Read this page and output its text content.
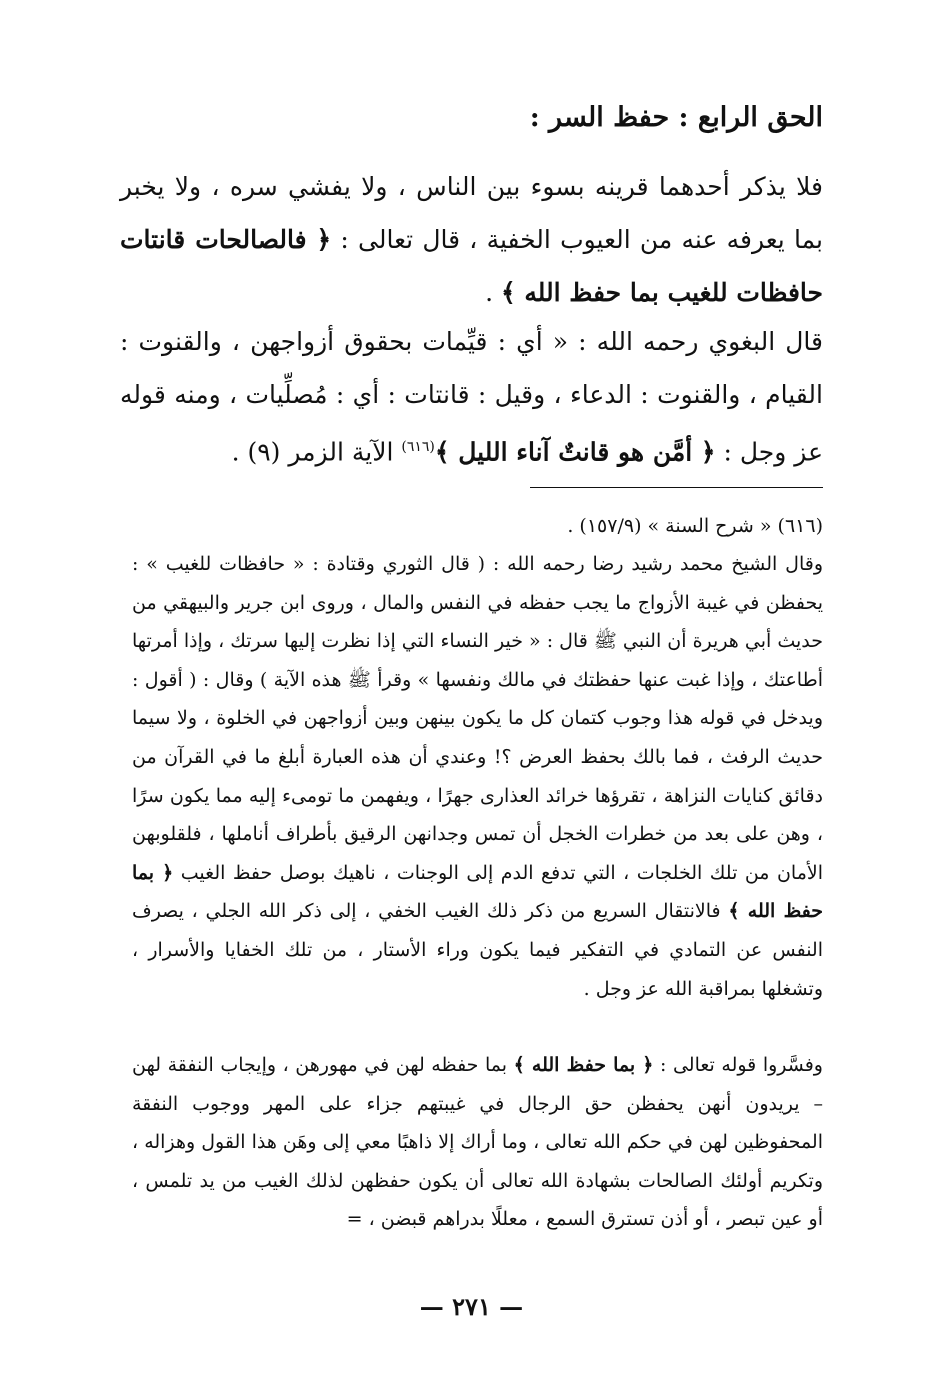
الحق الرابع : حفظ السر :

فلا يذكر أحدهما قرينه بسوء بين الناس ، ولا يفشي سره ، ولا يخبر بما يعرفه عنه من العيوب الخفية ، قال تعالى : ﴿ فالصالحات قانتات حافظات للغيب بما حفظ الله ﴾ .

قال البغوي رحمه الله : « أي : قيِّمات بحقوق أزواجهن ، والقنوت : القيام ، والقنوت : الدعاء ، وقيل : قانتات : أي : مُصلِّيات ، ومنه قوله عز وجل : ﴿ أمَّن هو قانتٌ آناء الليل ﴾$^{(٦١٦)}$ الآية الزمر (٩) .

(٦١٦) « شرح السنة » (١٥٧/٩) .

وقال الشيخ محمد رشيد رضا رحمه الله : ( قال الثوري وقتادة : « حافظات للغيب » : يحفظن في غيبة الأزواج ما يجب حفظه في النفس والمال ، وروى ابن جرير والبيهقي من حديث أبي هريرة أن النبي ﷺ قال : « خير النساء التي إذا نظرت إليها سرتك ، وإذا أمرتها أطاعتك ، وإذا غبت عنها حفظتك في مالك ونفسها » وقرأ ﷺ هذه الآية ) وقال : ( أقول : ويدخل في قوله هذا وجوب كتمان كل ما يكون بينهن وبين أزواجهن في الخلوة ، ولا سيما حديث الرفث ، فما بالك بحفظ العرض ؟! وعندي أن هذه العبارة أبلغ ما في القرآن من دقائق كنايات النزاهة ، تقرؤها خرائد العذارى جهرًا ، ويفهمن ما تومىء إليه مما يكون سرًا ، وهن على بعد من خطرات الخجل أن تمس وجدانهن الرقيق بأطراف أناملها ، فلقلوبهن الأمان من تلك الخلجات ، التي تدفع الدم إلى الوجنات ، ناهيك بوصل حفظ الغيب ﴿ بما حفظ الله ﴾ فالانتقال السريع من ذكر ذلك الغيب الخفي ، إلى ذكر الله الجلي ، يصرف النفس عن التمادي في التفكير فيما يكون وراء الأستار ، من تلك الخفايا والأسرار ، وتشغلها بمراقبة الله عز وجل .

وفسَّروا قوله تعالى : ﴿ بما حفظ الله ﴾ بما حفظه لهن في مهورهن ، وإيجاب النفقة لهن – يريدون أنهن يحفظن حق الرجال في غيبتهم جزاء على المهر ووجوب النفقة المحفوظين لهن في حكم الله تعالى ، وما أراك إلا ذاهبًا معي إلى وهَن هذا القول وهزاله ، وتكريم أولئك الصالحات بشهادة الله تعالى أن يكون حفظهن لذلك الغيب من يد تلمس ، أو عين تبصر ، أو أذن تسترق السمع ، معللًا بدراهم قبضن ، =

— ٢٧١ —
